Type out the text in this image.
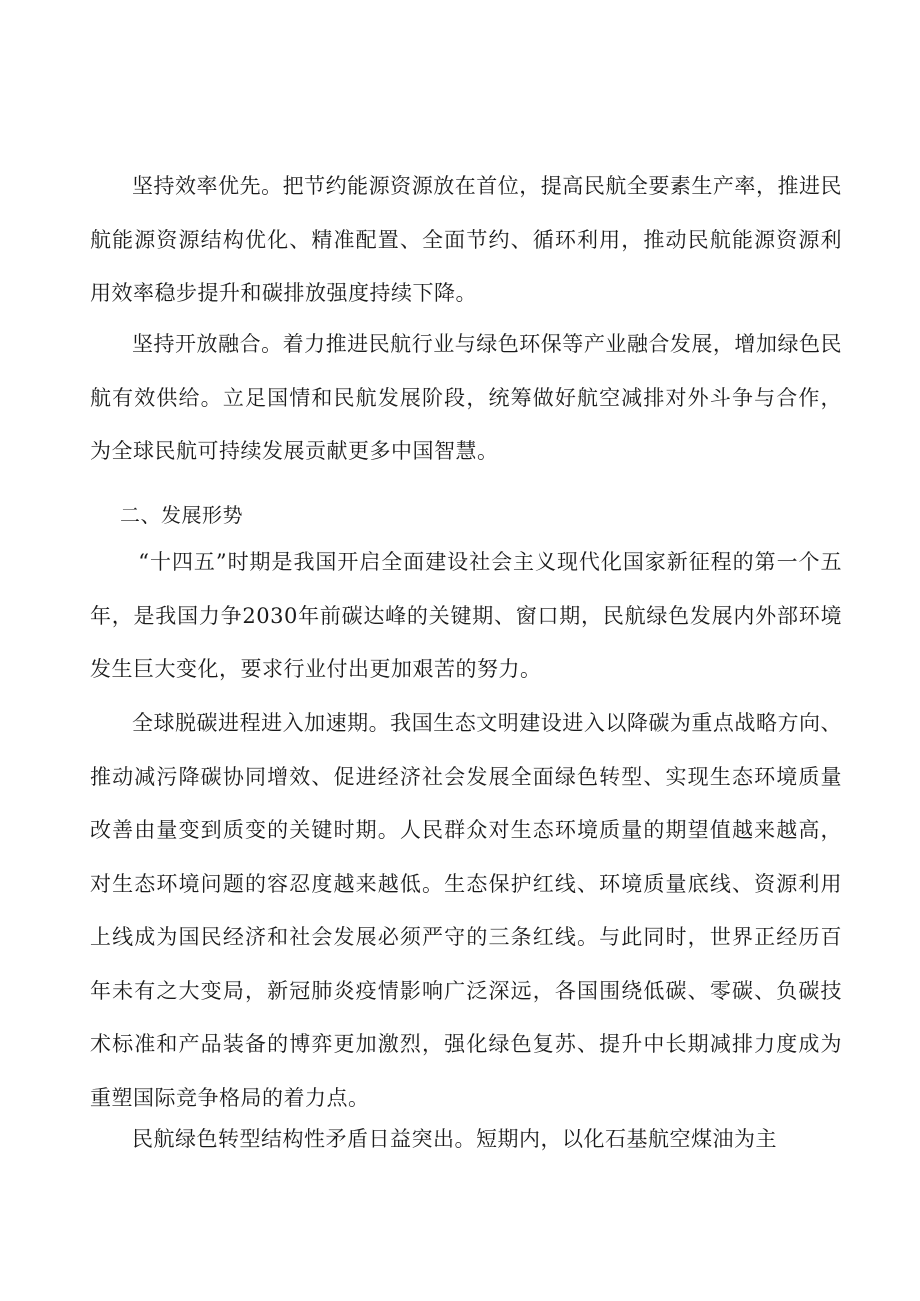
坚持效率优先。把节约能源资源放在首位，提高民航全要素生产率，推进民航能源资源结构优化、精准配置、全面节约、循环利用，推动民航能源资源利用效率稳步提升和碳排放强度持续下降。

坚持开放融合。着力推进民航行业与绿色环保等产业融合发展，增加绿色民航有效供给。立足国情和民航发展阶段，统筹做好航空减排对外斗争与合作，为全球民航可持续发展贡献更多中国智慧。

二、发展形势

“十四五”时期是我国开启全面建设社会主义现代化国家新征程的第一个五年，是我国力争2030年前碳达峰的关键期、窗口期，民航绿色发展内外部环境发生巨大变化，要求行业付出更加艰苦的努力。

全球脱碳进程进入加速期。我国生态文明建设进入以降碳为重点战略方向、推动减污降碳协同增效、促进经济社会发展全面绿色转型、实现生态环境质量改善由量变到质变的关键时期。人民群众对生态环境质量的期望值越来越高，对生态环境问题的容忍度越来越低。生态保护红线、环境质量底线、资源利用上线成为国民经济和社会发展必须严守的三条红线。与此同时，世界正经历百年未有之大变局，新冠肺炎疫情影响广泛深远，各国围绕低碳、零碳、负碳技术标准和产品装备的博弈更加激烈，强化绿色复苏、提升中长期减排力度成为重塑国际竞争格局的着力点。

民航绿色转型结构性矛盾日益突出。短期内，以化石基航空煤油为主
